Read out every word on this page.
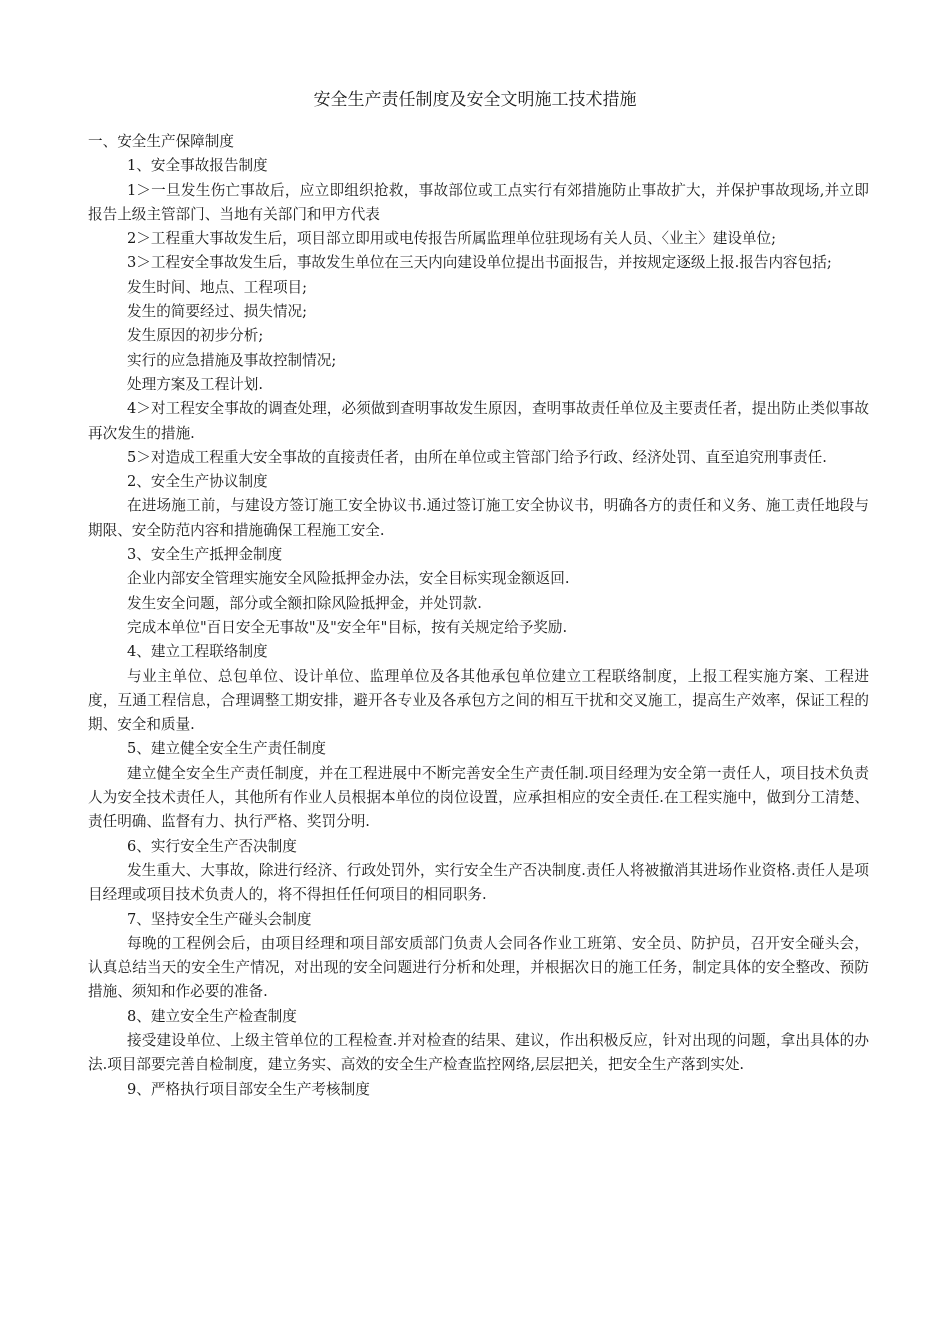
安全生产责任制度及安全文明施工技术措施

一、安全生产保障制度

1、安全事故报告制度

1＞一旦发生伤亡事故后，应立即组织抢救，事故部位或工点实行有郊措施防止事故扩大，并保护事故现场,并立即报告上级主管部门、当地有关部门和甲方代表

2＞工程重大事故发生后，项目部立即用或电传报告所属监理单位驻现场有关人员、〈业主〉建设单位;

3＞工程安全事故发生后，事故发生单位在三天内向建设单位提出书面报告，并按规定逐级上报.报告内容包括;

发生时间、地点、工程项目;

发生的简要经过、损失情况;

发生原因的初步分析;

实行的应急措施及事故控制情况;

处理方案及工程计划.

4＞对工程安全事故的调查处理，必须做到查明事故发生原因，查明事故责任单位及主要责任者，提出防止类似事故再次发生的措施.

5＞对造成工程重大安全事故的直接责任者，由所在单位或主管部门给予行政、经济处罚、直至追究刑事责任.

2、安全生产协议制度

在进场施工前，与建设方签订施工安全协议书.通过签订施工安全协议书，明确各方的责任和义务、施工责任地段与期限、安全防范内容和措施确保工程施工安全.

3、安全生产抵押金制度

企业内部安全管理实施安全风险抵押金办法，安全目标实现金额返回.

发生安全问题，部分或全额扣除风险抵押金，并处罚款.

完成本单位"百日安全无事故"及"安全年"目标，按有关规定给予奖励.

4、建立工程联络制度

与业主单位、总包单位、设计单位、监理单位及各其他承包单位建立工程联络制度，上报工程实施方案、工程进度，互通工程信息，合理调整工期安排，避开各专业及各承包方之间的相互干扰和交叉施工，提高生产效率，保证工程的期、安全和质量.

5、建立健全安全生产责任制度

建立健全安全生产责任制度，并在工程进展中不断完善安全生产责任制.项目经理为安全第一责任人，项目技术负责人为安全技术责任人，其他所有作业人员根据本单位的岗位设置，应承担相应的安全责任.在工程实施中，做到分工清楚、责任明确、监督有力、执行严格、奖罚分明.

6、实行安全生产否决制度

发生重大、大事故，除进行经济、行政处罚外，实行安全生产否决制度.责任人将被撤消其进场作业资格.责任人是项目经理或项目技术负责人的，将不得担任任何项目的相同职务.

7、坚持安全生产碰头会制度

每晚的工程例会后，由项目经理和项目部安质部门负责人会同各作业工班第、安全员、防护员，召开安全碰头会，认真总结当天的安全生产情况，对出现的安全问题进行分析和处理，并根据次日的施工任务，制定具体的安全整改、预防措施、须知和作必要的准备.

8、建立安全生产检查制度

接受建设单位、上级主管单位的工程检查.并对检查的结果、建议，作出积极反应，针对出现的问题，拿出具体的办法.项目部要完善自检制度，建立务实、高效的安全生产检查监控网络,层层把关，把安全生产落到实处.

9、严格执行项目部安全生产考核制度
